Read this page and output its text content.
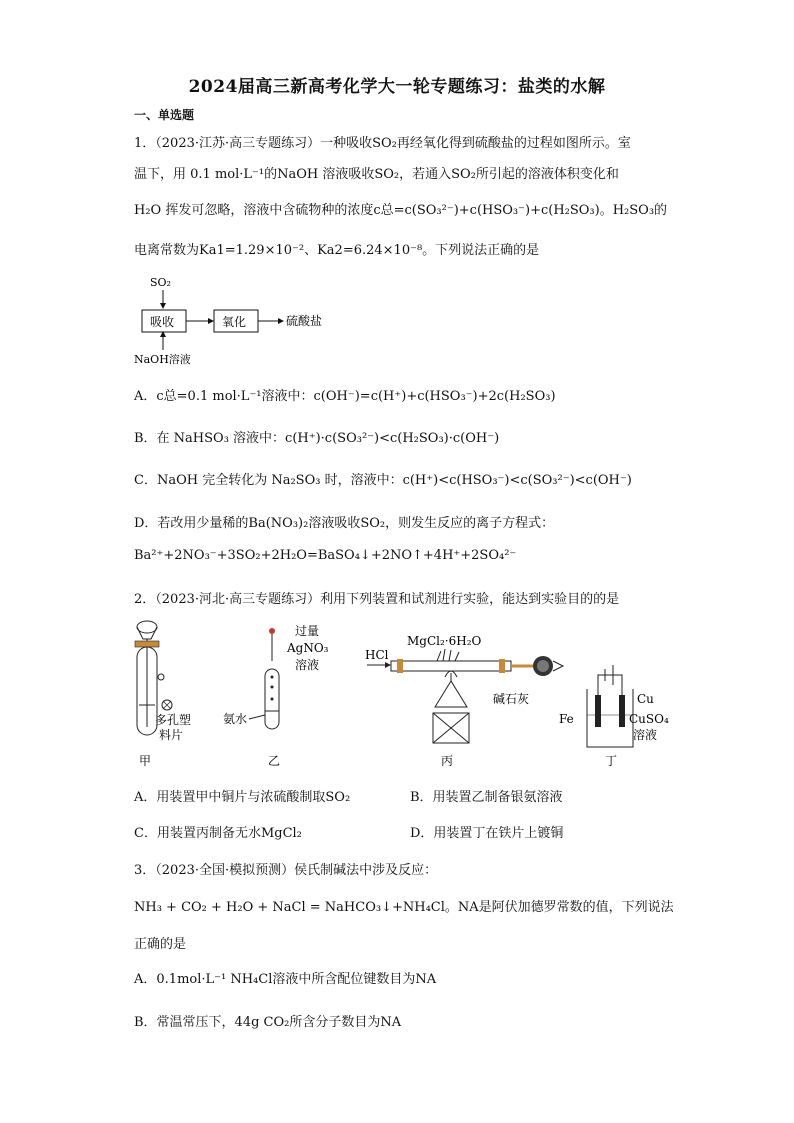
2024届高三新高考化学大一轮专题练习：盐类的水解
一、单选题
1．（2023·江苏·高三专题练习）一种吸收SO₂再经氧化得到硫酸盐的过程如图所示。室
温下，用 0.1 mol·L⁻¹的NaOH 溶液吸收SO₂，若通入SO₂所引起的溶液体积变化和
H₂O 挥发可忽略，溶液中含硫物种的浓度c总=c(SO₃²⁻)+c(HSO₃⁻)+c(H₂SO₃)。H₂SO₃的
电离常数为Ka1=1.29×10⁻²、Ka2=6.24×10⁻⁸。下列说法正确的是
SO₂
吸收	氧化	硫酸盐
NaOH溶液
A．c总=0.1 mol·L⁻¹溶液中：c(OH⁻)=c(H⁺)+c(HSO₃⁻)+2c(H₂SO₃)
B．在 NaHSO₃ 溶液中：c(H⁺)·c(SO₃²⁻)<c(H₂SO₃)·c(OH⁻)
C．NaOH 完全转化为 Na₂SO₃ 时，溶液中：c(H⁺)<c(HSO₃⁻)<c(SO₃²⁻)<c(OH⁻)
D．若改用少量稀的Ba(NO₃)₂溶液吸收SO₂，则发生反应的离子方程式：
Ba²⁺+2NO₃⁻+3SO₂+2H₂O=BaSO₄↓+2NO↑+4H⁺+2SO₄²⁻
2．（2023·河北·高三专题练习）利用下列装置和试剂进行实验，能达到实验目的的是
多孔塑
料片
甲
过量
AgNO₃
溶液
氨水
乙
HCl
MgCl₂·6H₂O
碱石灰
丙
Fe
Cu
CuSO₄
溶液
丁
A．用装置甲中铜片与浓硫酸制取SO₂	B．用装置乙制备银氨溶液
C．用装置丙制备无水MgCl₂	D．用装置丁在铁片上镀铜
3．（2023·全国·模拟预测）侯氏制碱法中涉及反应：
NH₃ + CO₂ + H₂O + NaCl = NaHCO₃↓+NH₄Cl。NA是阿伏加德罗常数的值，下列说法
正确的是
A．0.1mol·L⁻¹ NH₄Cl溶液中所含配位键数目为NA
B．常温常压下，44g CO₂所含分子数目为NA
